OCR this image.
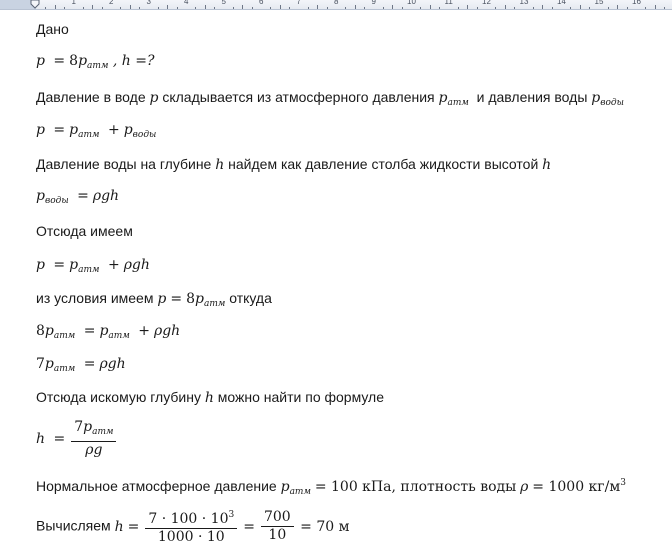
1	2	3	4	5	6	7	8	9	10	11	12	13	14	15	16
Дано
$p = 8p_{атм}$ , h =?
Давление в воде p складывается из атмосферного давления $p_{атм}$ и давления воды $p_{воды}$
$p = p_{атм} + p_{воды}$
Давление воды на глубине h найдем как давление столба жидкости высотой h
$p_{воды} = \rho gh$
Отсюда имеем
$p = p_{атм} + \rho gh$
из условия имеем $p = 8p_{атм}$ откуда
$8p_{атм} = p_{атм} + \rho gh$
$7p_{атм} = \rho gh$
Отсюда искомую глубину h можно найти по формуле
$h = \frac{7p_{атм}}{\rho g}$
Нормальное атмосферное давление $p_{атм} = 100$ кПа, плотность воды ρ = 1000 $кг/м^3$
Вычисляем $h = \frac{7 \cdot 100 \cdot 10^3}{1000 \cdot 10} = \frac{700}{10} = 70$ м
